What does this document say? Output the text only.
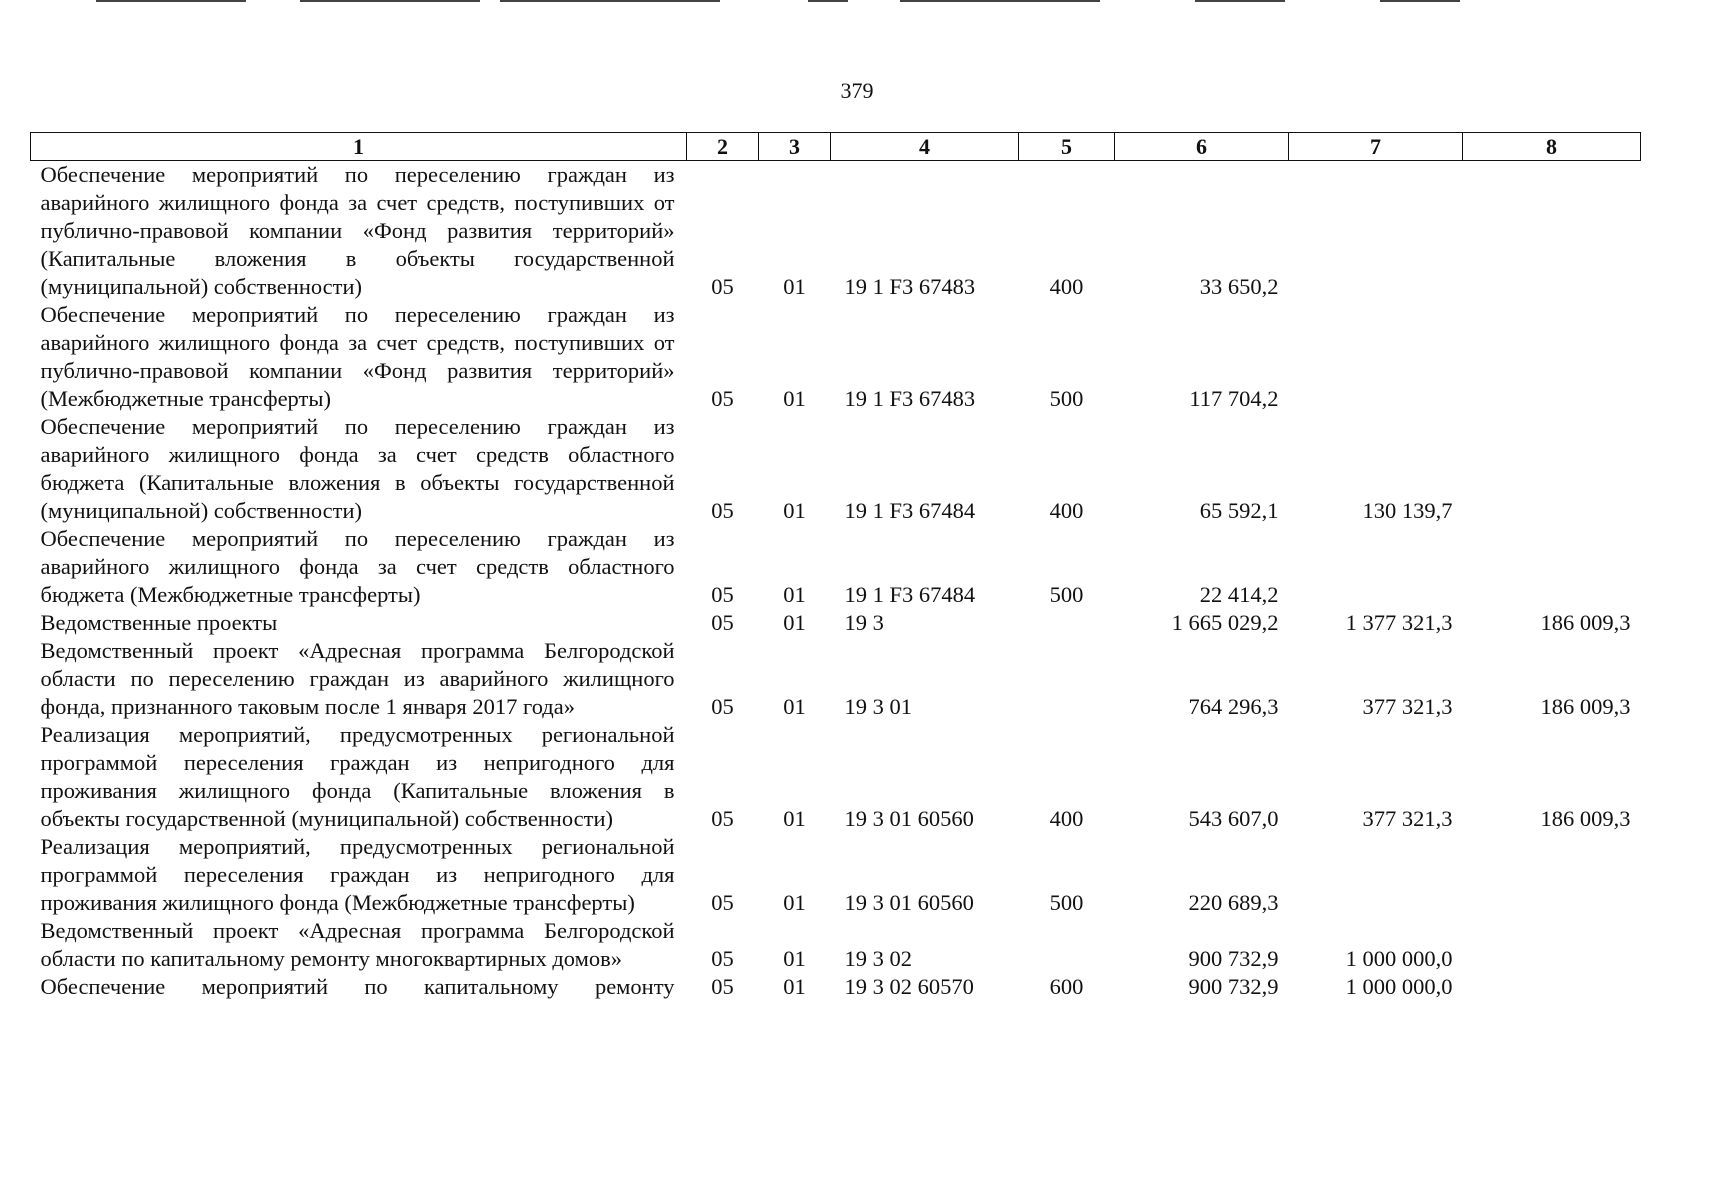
379
1	2	3	4	5	6	7	8
Обеспечение мероприятий по переселению граждан из аварийного жилищного фонда за счет средств, поступивших от публично-правовой компании «Фонд развития территорий» (Капитальные вложения в объекты государственной (муниципальной) собственности)	05	01	19 1 F3 67483	400	33 650,2		
Обеспечение мероприятий по переселению граждан из аварийного жилищного фонда за счет средств, поступивших от публично-правовой компании «Фонд развития территорий» (Межбюджетные трансферты)	05	01	19 1 F3 67483	500	117 704,2		
Обеспечение мероприятий по переселению граждан из аварийного жилищного фонда за счет средств областного бюджета (Капитальные вложения в объекты государственной (муниципальной) собственности)	05	01	19 1 F3 67484	400	65 592,1	130 139,7	
Обеспечение мероприятий по переселению граждан из аварийного жилищного фонда за счет средств областного бюджета (Межбюджетные трансферты)	05	01	19 1 F3 67484	500	22 414,2		
Ведомственные проекты	05	01	19 3		1 665 029,2	1 377 321,3	186 009,3
Ведомственный проект «Адресная программа Белгородской области по переселению граждан из аварийного жилищного фонда, признанного таковым после 1 января 2017 года»	05	01	19 3 01		764 296,3	377 321,3	186 009,3
Реализация мероприятий, предусмотренных региональной программой переселения граждан из непригодного для проживания жилищного фонда (Капитальные вложения в объекты государственной (муниципальной) собственности)	05	01	19 3 01 60560	400	543 607,0	377 321,3	186 009,3
Реализация мероприятий, предусмотренных региональной программой переселения граждан из непригодного для проживания жилищного фонда (Межбюджетные трансферты)	05	01	19 3 01 60560	500	220 689,3		
Ведомственный проект «Адресная программа Белгородской области по капитальному ремонту многоквартирных домов»	05	01	19 3 02		900 732,9	1 000 000,0	
Обеспечение мероприятий по капитальному ремонту	05	01	19 3 02 60570	600	900 732,9	1 000 000,0	
